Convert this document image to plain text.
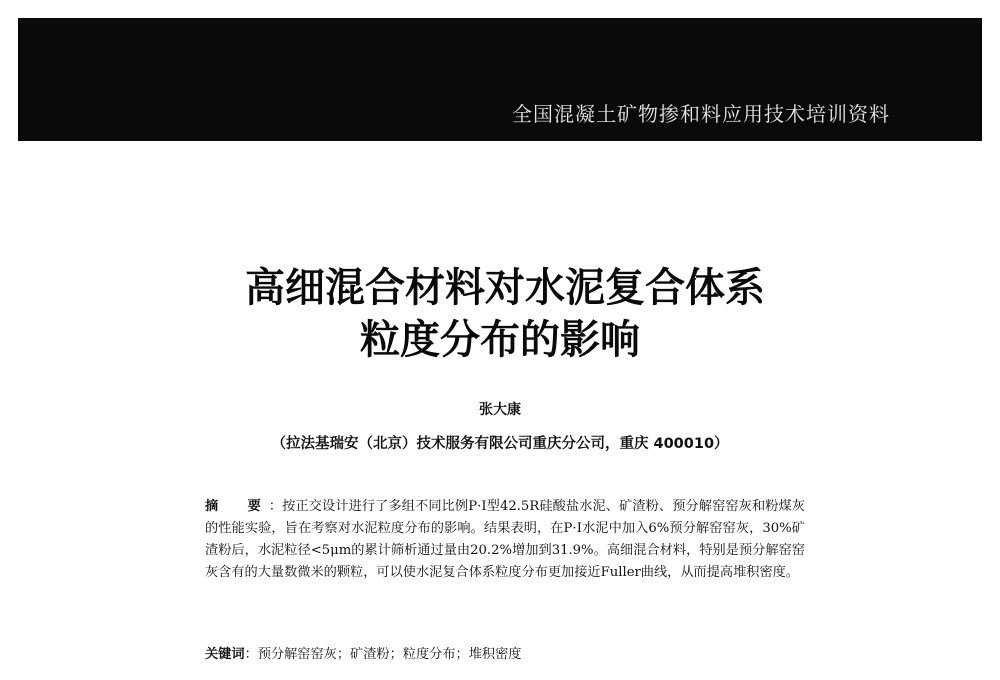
全国混凝土矿物掺和料应用技术培训资料
高细混合材料对水泥复合体系
粒度分布的影响
张大康
（拉法基瑞安（北京）技术服务有限公司重庆分公司，重庆 400010）
摘　要：按正交设计进行了多组不同比例P·Ⅰ型42.5R硅酸盐水泥、矿渣粉、预分解窑窑灰和粉煤灰的性能实验，旨在考察对水泥粒度分布的影响。结果表明，在P·Ⅰ水泥中加入6%预分解窑窑灰，30%矿渣粉后，水泥粒径<5μm的累计筛析通过量由20.2%增加到31.9%。高细混合材料，特别是预分解窑窑灰含有的大量数微米的颗粒，可以使水泥复合体系粒度分布更加接近Fuller曲线，从而提高堆积密度。
关键词：预分解窑窑灰；矿渣粉；粒度分布；堆积密度
